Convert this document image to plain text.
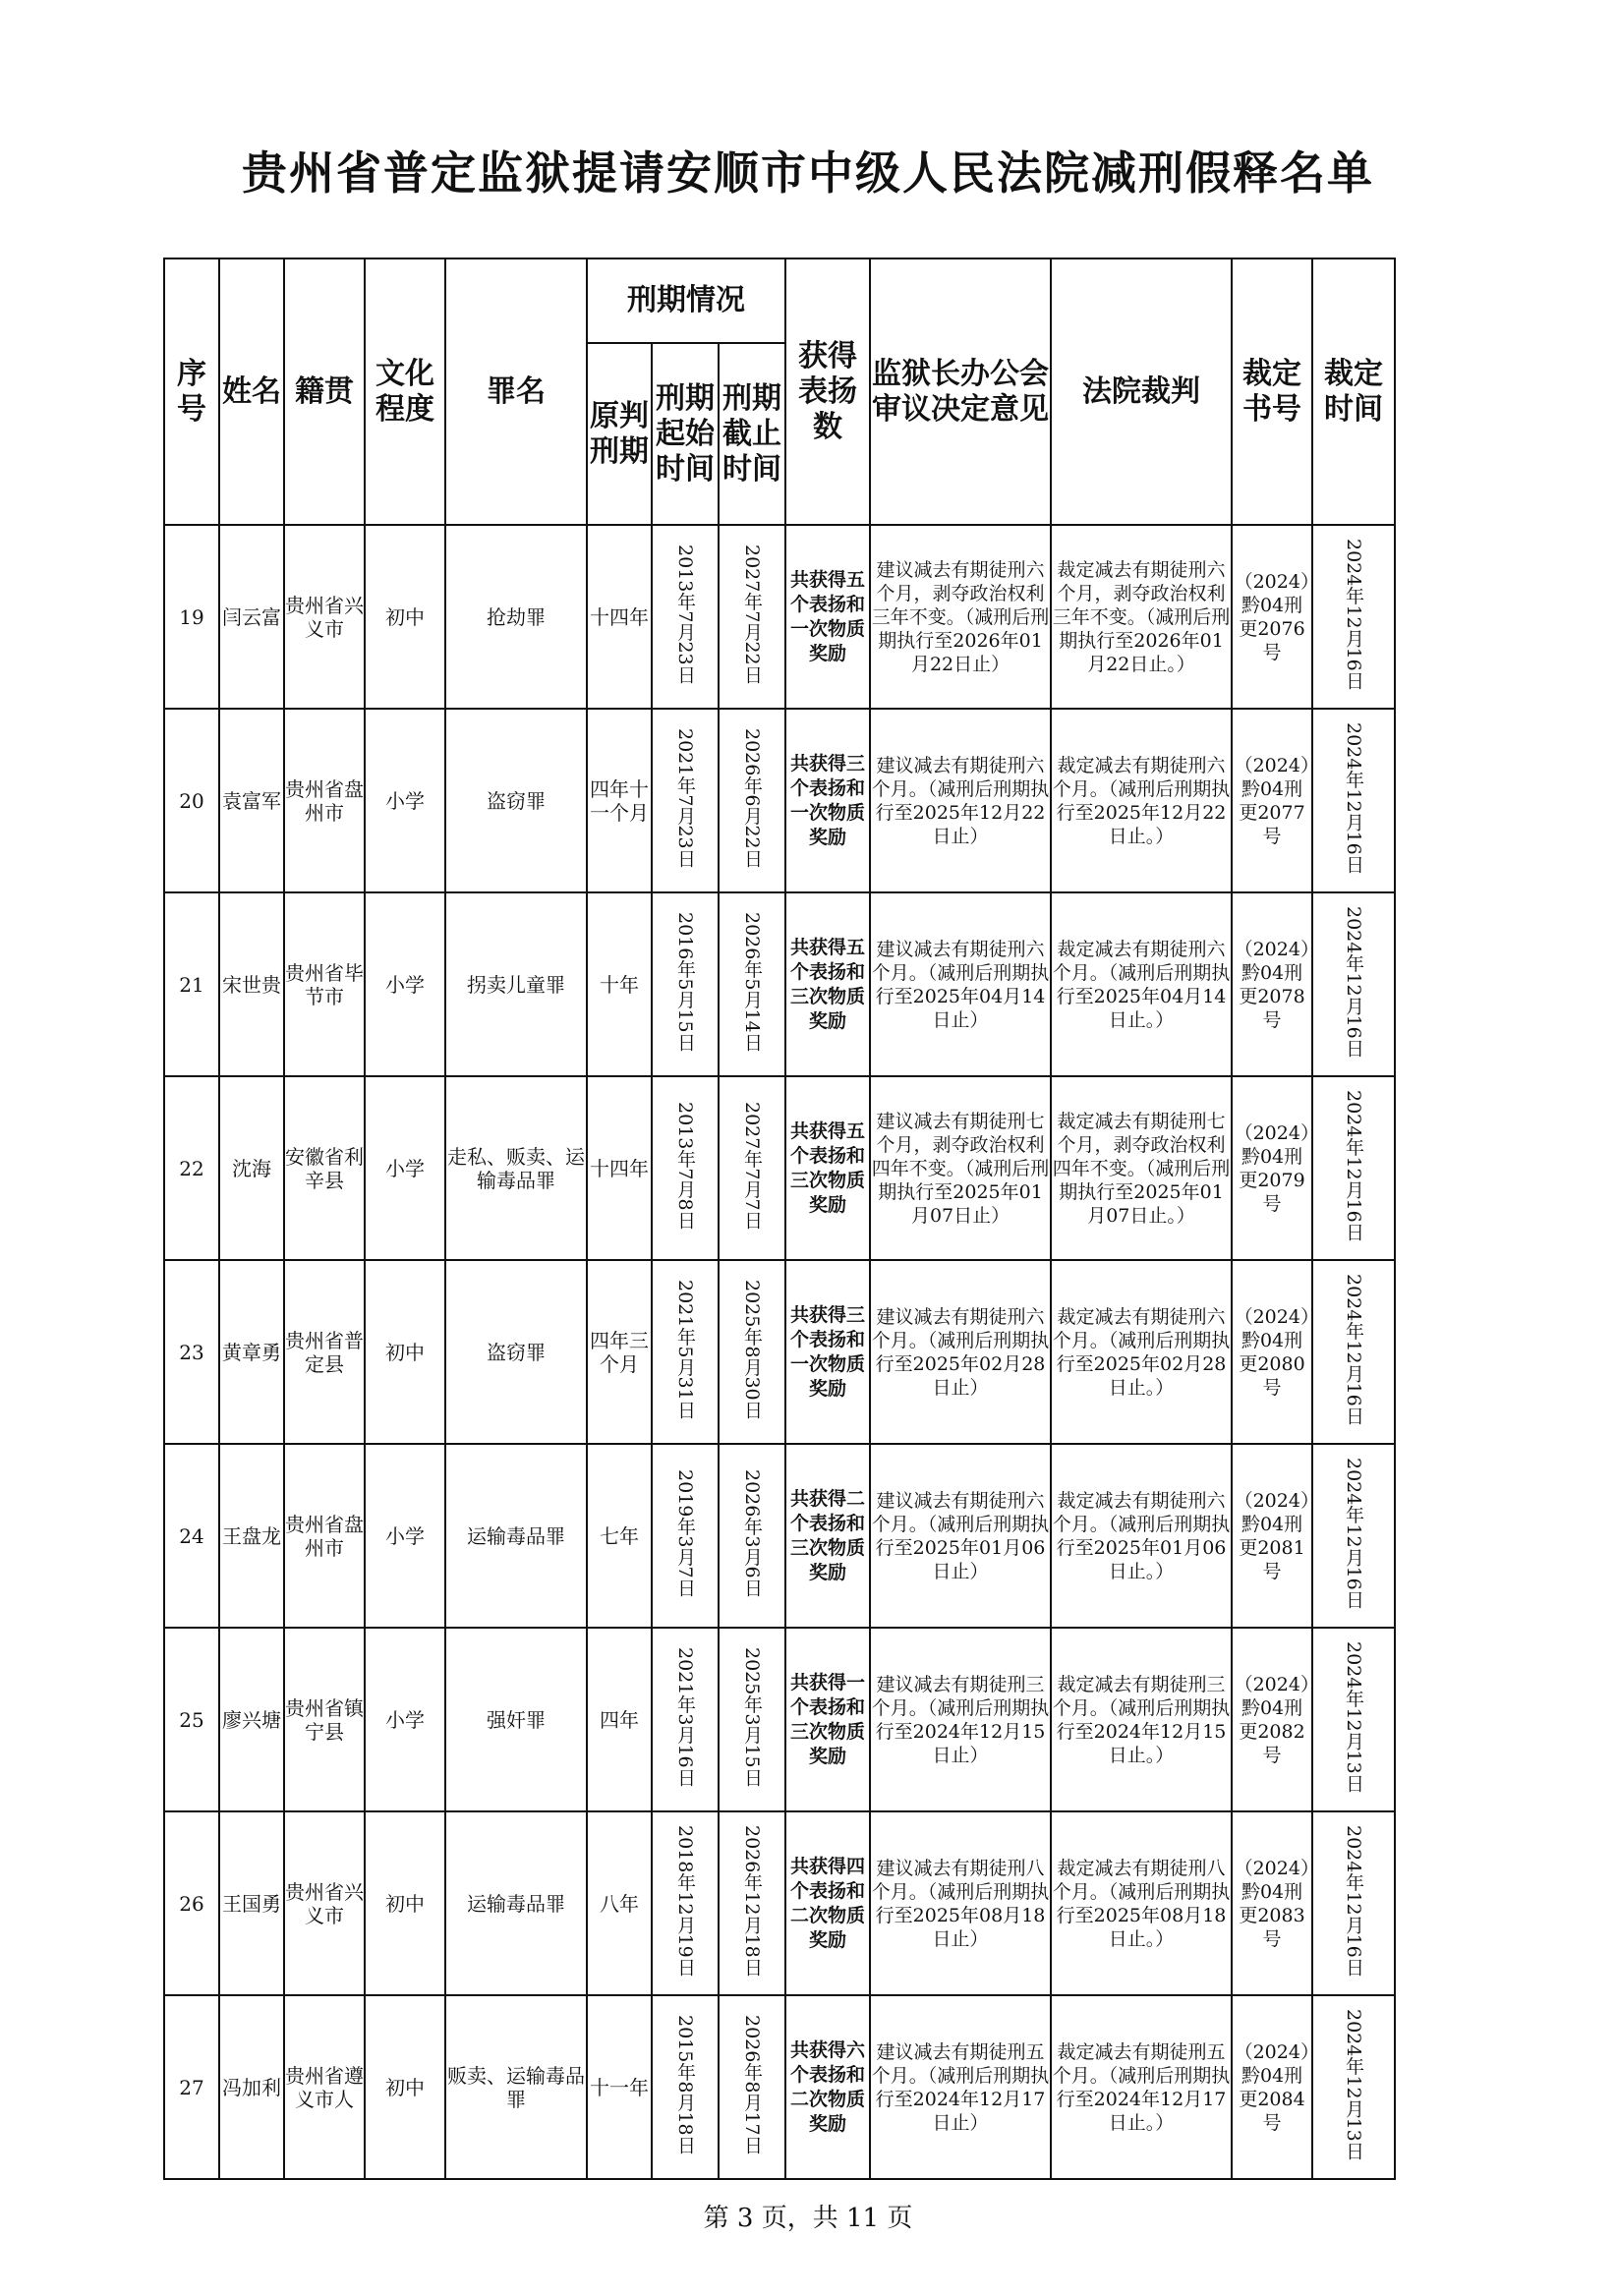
贵州省普定监狱提请安顺市中级人民法院减刑假释名单
序号	姓名	籍贯	文化程度	罪名	刑期情况			获得表扬数	监狱长办公会审议决定意见	法院裁判	裁定书号	裁定时间
					原判刑期	刑期起始时间	刑期截止时间					
19	闫云富	贵州省兴义市	初中	抢劫罪	十四年	2013年7月23日	2027年7月22日	共获得五个表扬和一次物质奖励	建议减去有期徒刑六个月，剥夺政治权利三年不变。（减刑后刑期执行至2026年01月22日止）	裁定减去有期徒刑六个月，剥夺政治权利三年不变。（减刑后刑期执行至2026年01月22日止。）	（2024）黔04刑更2076号	2024年12月16日
20	袁富军	贵州省盘州市	小学	盗窃罪	四年十一个月	2021年7月23日	2026年6月22日	共获得三个表扬和一次物质奖励	建议减去有期徒刑六个月。（减刑后刑期执行至2025年12月22日止）	裁定减去有期徒刑六个月。（减刑后刑期执行至2025年12月22日止。）	（2024）黔04刑更2077号	2024年12月16日
21	宋世贵	贵州省毕节市	小学	拐卖儿童罪	十年	2016年5月15日	2026年5月14日	共获得五个表扬和三次物质奖励	建议减去有期徒刑六个月。（减刑后刑期执行至2025年04月14日止）	裁定减去有期徒刑六个月。（减刑后刑期执行至2025年04月14日止。）	（2024）黔04刑更2078号	2024年12月16日
22	沈海	安徽省利辛县	小学	走私、贩卖、运输毒品罪	十四年	2013年7月8日	2027年7月7日	共获得五个表扬和三次物质奖励	建议减去有期徒刑七个月，剥夺政治权利四年不变。（减刑后刑期执行至2025年01月07日止）	裁定减去有期徒刑七个月，剥夺政治权利四年不变。（减刑后刑期执行至2025年01月07日止。）	（2024）黔04刑更2079号	2024年12月16日
23	黄章勇	贵州省普定县	初中	盗窃罪	四年三个月	2021年5月31日	2025年8月30日	共获得三个表扬和一次物质奖励	建议减去有期徒刑六个月。（减刑后刑期执行至2025年02月28日止）	裁定减去有期徒刑六个月。（减刑后刑期执行至2025年02月28日止。）	（2024）黔04刑更2080号	2024年12月16日
24	王盘龙	贵州省盘州市	小学	运输毒品罪	七年	2019年3月7日	2026年3月6日	共获得二个表扬和三次物质奖励	建议减去有期徒刑六个月。（减刑后刑期执行至2025年01月06日止）	裁定减去有期徒刑六个月。（减刑后刑期执行至2025年01月06日止。）	（2024）黔04刑更2081号	2024年12月16日
25	廖兴塘	贵州省镇宁县	小学	强奸罪	四年	2021年3月16日	2025年3月15日	共获得一个表扬和三次物质奖励	建议减去有期徒刑三个月。（减刑后刑期执行至2024年12月15日止）	裁定减去有期徒刑三个月。（减刑后刑期执行至2024年12月15日止。）	（2024）黔04刑更2082号	2024年12月13日
26	王国勇	贵州省兴义市	初中	运输毒品罪	八年	2018年12月19日	2026年12月18日	共获得四个表扬和二次物质奖励	建议减去有期徒刑八个月。（减刑后刑期执行至2025年08月18日止）	裁定减去有期徒刑八个月。（减刑后刑期执行至2025年08月18日止。）	（2024）黔04刑更2083号	2024年12月16日
27	冯加利	贵州省遵义市人	初中	贩卖、运输毒品罪	十一年	2015年8月18日	2026年8月17日	共获得六个表扬和二次物质奖励	建议减去有期徒刑五个月。（减刑后刑期执行至2024年12月17日止）	裁定减去有期徒刑五个月。（减刑后刑期执行至2024年12月17日止。）	（2024）黔04刑更2084号	2024年12月13日
第 3 页，共 11 页
